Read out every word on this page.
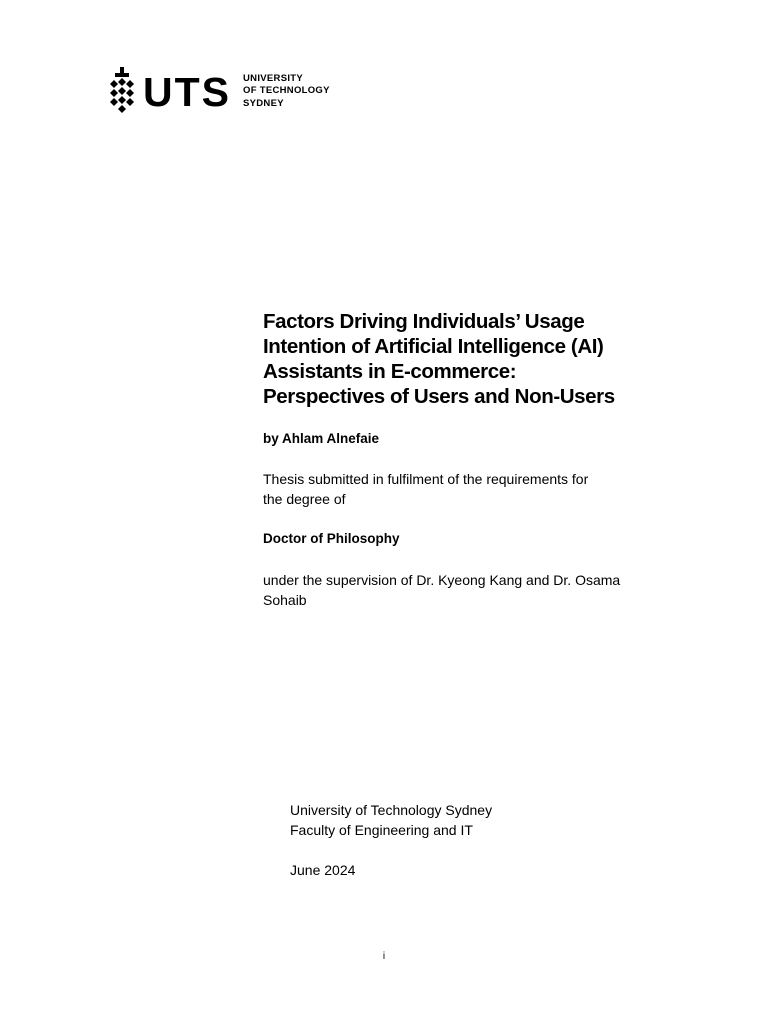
UTS UNIVERSITY
OF TECHNOLOGY
SYDNEY
Factors Driving Individuals’ Usage
Intention of Artificial Intelligence (AI)
Assistants in E-commerce:
Perspectives of Users and Non-Users
by Ahlam Alnefaie
Thesis submitted in fulfilment of the requirements for
the degree of
Doctor of Philosophy
under the supervision of Dr. Kyeong Kang and Dr. Osama
Sohaib
University of Technology Sydney
Faculty of Engineering and IT
June 2024
i
